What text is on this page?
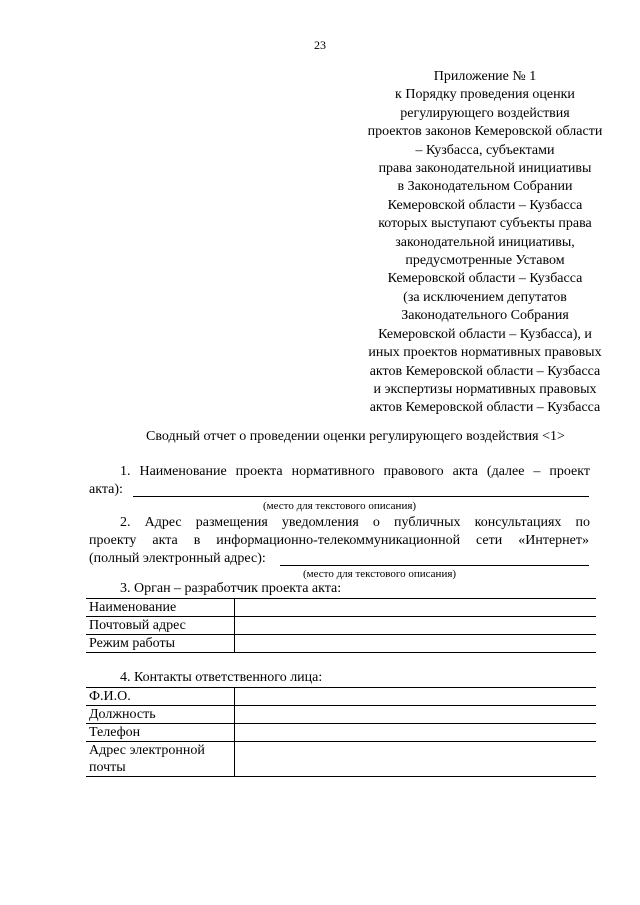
23
Приложение № 1
к Порядку проведения оценки
регулирующего воздействия
проектов законов Кемеровской области
– Кузбасса, субъектами
права законодательной инициативы
в Законодательном Собрании
Кемеровской области – Кузбасса
которых выступают субъекты права
законодательной инициативы,
предусмотренные Уставом
Кемеровской области – Кузбасса
(за исключением депутатов
Законодательного Собрания
Кемеровской области – Кузбасса), и
иных проектов нормативных правовых
актов Кемеровской области – Кузбасса
и экспертизы нормативных правовых
актов Кемеровской области – Кузбасса
Сводный отчет о проведении оценки регулирующего воздействия <1>
1. Наименование проекта нормативного правового акта (далее – проект
акта):
(место для текстового описания)
2. Адрес размещения уведомления о публичных консультациях по
проекту акта в информационно-телекоммуникационной сети «Интернет»
(полный электронный адрес):
(место для текстового описания)
3. Орган – разработчик проекта акта:
Наименование	
Почтовый адрес	
Режим работы	
4. Контакты ответственного лица:
Ф.И.О.	
Должность	
Телефон	
Адрес электронной почты	
